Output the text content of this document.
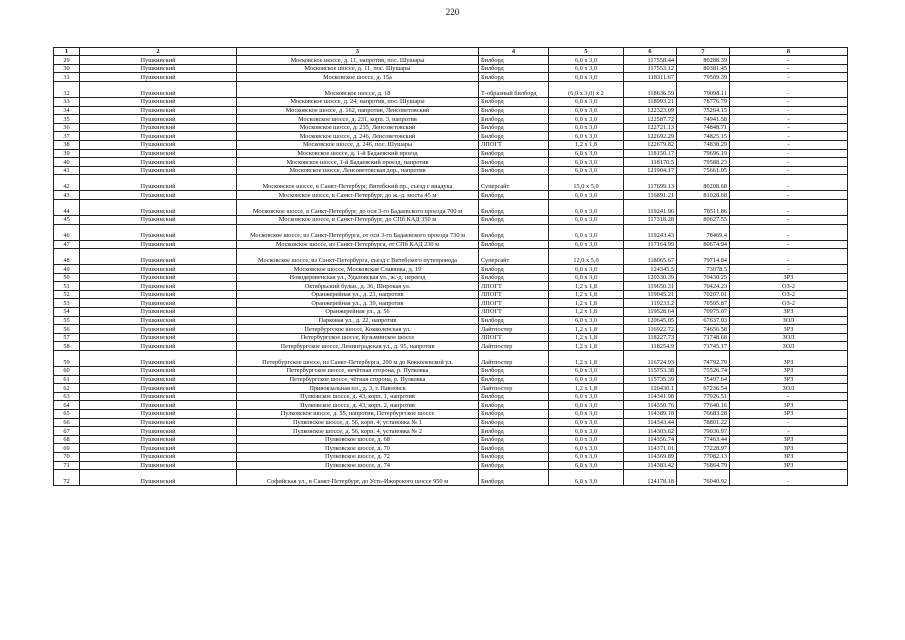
220
1	2	3	4	5	6	7	8
29	Пушкинский	Московское шоссе, д. 11, напротив, пос. Шушары	Билборд	6,0 x 3,0	117558.44	80288.39	-
30	Пушкинский	Московское шоссе, д. 11, пос. Шушары	Билборд	6,0 x 3,0	117553.12	80381.45	-
31	Пушкинский	Московское шоссе, д. 15а	Билборд	6,0 x 3,0	118311.67	79509.39	-
32	Пушкинский	Московское шоссе, д. 18	Т-образный билборд	(6,0 x 3,0) x 2	118636.59	79098.11	-
33	Пушкинский	Московское шоссе, д. 24, напротив, пос. Шушары	Билборд	6,0 x 3,0	118993.21	78776.79	-
34	Пушкинский	Московское шоссе, д. 162, напротив, Ленсоветовский	Билборд	6,0 x 3,0	122323.09	75264.15	-
35	Пушкинский	Московское шоссе, д. 231, корп. 3, напротив	Билборд	6,0 x 3,0	122587.72	74941.58	-
36	Пушкинский	Московское шоссе, д. 235, Ленсоветовский	Билборд	6,0 x 3,0	122721.13	74848.71	-
37	Пушкинский	Московское шоссе, д. 246, Ленсоветовский	Билборд	6,0 x 3,0	122692.29	74825.15	-
38	Пушкинский	Московское шоссе, д. 246, пос. Шушары	ЛПОГТ	1,2 x 1,8	122679.82	74838.29	-
39	Пушкинский	Московское шоссе, д. 1-й Бадаевский проезд	Билборд	6,0 x 3,0	118150.17	79696.19	-
40	Пушкинский	Московское шоссе, 1-й Бадаевский проезд, напротив	Билборд	6,0 x 3,0	118170.5	79588.23	-
41	Пушкинский	Московское шоссе, Ленсоветовская дор., напротив	Билборд	6,0 x 3,0	121904.17	75661.05	-
42	Пушкинский	Московское шоссе, в Санкт-Петербург, Витебский пр., съезд с виадука	Суперсайт	15,0 x 5,0	117699.13	80208.68	-
43	Пушкинский	Московское шоссе, в Санкт-Петербург, до ж.-д. моста 45 м	Билборд	6,0 x 3,0	116891.21	81028.68	-
44	Пушкинский	Московское шоссе, в Санкт-Петербург, до оси 3-го Бадаевского проезда 700 м	Билборд	6,0 x 3,0	119241.96	78511.86	-
45	Пушкинский	Московское шоссе, в Санкт-Петербург, до СПб КАД 350 м	Билборд	6,0 x 3,0	117318.28	80627.55	-
46	Пушкинский	Московское шоссе, из Санкт-Петербурга, от оси 3-го Бадаевского проезда 730 м	Билборд	6,0 x 3,0	119243.43	78469.4	-
47	Пушкинский	Московское шоссе, из Санкт-Петербурга, от СПб КАД 230 м	Билборд	6,0 x 3,0	117164.99	80674.94	-
48	Пушкинский	Московское шоссе, из Санкт-Петербурга, съезд с Витебского путепровода	Суперсайт	12,0 x 5,0	118065.67	79714.84	-
49	Пушкинский	Московское шоссе, Московская Славянка, д. 19	Билборд	6,0 x 3,0	124345.5	73078.5	-
50	Пушкинский	Новодеревенская ул., Удаловская ул., ж.-д. переезд	Билборд	6,0 x 3,0	120330.39	70430.25	ЗРЗ
51	Пушкинский	Октябрьский бульв., д. 36, Широкая ул.	ЛПОГТ	1,2 x 1,8	119650.31	70424.23	ОЗ-2
52	Пушкинский	Оранжерейная ул., д. 21, напротив	ЛПОГТ	1,2 x 1,8	119045.21	70207.01	ОЗ-2
53	Пушкинский	Оранжерейная ул., д. 39, напротив	ЛПОГТ	1,2 x 1,8	119233.2	70505.87	ОЗ-2
54	Пушкинский	Оранжерейная ул., д. 56	ЛПОГТ	1,2 x 1,8	119528.64	70975.07	ЗРЗ
55	Пушкинский	Парковая ул., д. 22, напротив	Билборд	6,0 x 3,0	120645.05	67637.03	ЗОЛ
56	Пушкинский	Петербургское шоссе, Кокколевская ул.	Лайтпостер	1,2 x 1,8	116922.72	74656.58	ЗРЗ
57	Пушкинский	Петербургское шоссе, Кузьминское шоссе	ЛПОГТ	1,2 x 1,8	118227.73	71748.68	ЗОЛ
58	Пушкинский	Петербургское шоссе, Ленинградская ул., д. 95, напротив	Лайтпостер	1,2 x 1,8	118254.9	71745.17	ЗОЛ
59	Пушкинский	Петербургское шоссе, из Санкт-Петербурга, 200 м до Кокколевской ул.	Лайтпостер	1,2 x 1,8	116724.93	74792.79	ЗРЗ
60	Пушкинский	Петербургское шоссе, нечётная сторона, р. Пулковка	Билборд	6,0 x 3,0	115753.38	75526.74	ЗРЗ
61	Пушкинский	Петербургское шоссе, чётная сторона, р. Пулковка	Билборд	6,0 x 3,0	115735.39	75497.64	ЗРЗ
62	Пушкинский	Привокзальная пл., д. 3, г. Павловск	Лайтпостер	1,2 x 1,8	120430.1	67236.54	ЗОЛ
63	Пушкинский	Пулковское шоссе, д. 43, корп. 1, напротив	Билборд	6,0 x 3,0	114341.98	77926.51	-
64	Пушкинский	Пулковское шоссе, д. 43, корп. 2, напротив	Билборд	6,0 x 3,0	114350.76	77640.16	ЗРЗ
65	Пушкинский	Пулковское шоссе, д. 55, напротив, Петербургское шоссе	Билборд	6,0 x 3,0	114389.18	76683.28	ЗРЗ
66	Пушкинский	Пулковское шоссе, д. 56, корп. 4, установка № 1	Билборд	6,0 x 3,0	114343.44	78801.22	-
67	Пушкинский	Пулковское шоссе, д. 56, корп. 4, установка № 2	Билборд	6,0 x 3,0	114303.62	79036.97	-
68	Пушкинский	Пулковское шоссе, д. 68	Билборд	6,0 x 3,0	114356.74	77463.44	ЗРЗ
69	Пушкинский	Пулковское шоссе, д. 70	Билборд	6,0 x 3,0	114371.01	77228.97	ЗРЗ
70	Пушкинский	Пулковское шоссе, д. 72	Билборд	6,0 x 3,0	114369.89	77082.13	ЗРЗ
71	Пушкинский	Пулковское шоссе, д. 74	Билборд	6,0 x 3,0	114383.42	76864.79	ЗРЗ
72	Пушкинский	Софийская ул., в Санкт-Петербург, до Усть-Ижорского шоссе 950 м	Билборд	6,0 x 3,0	124178.18	76040.92	-
